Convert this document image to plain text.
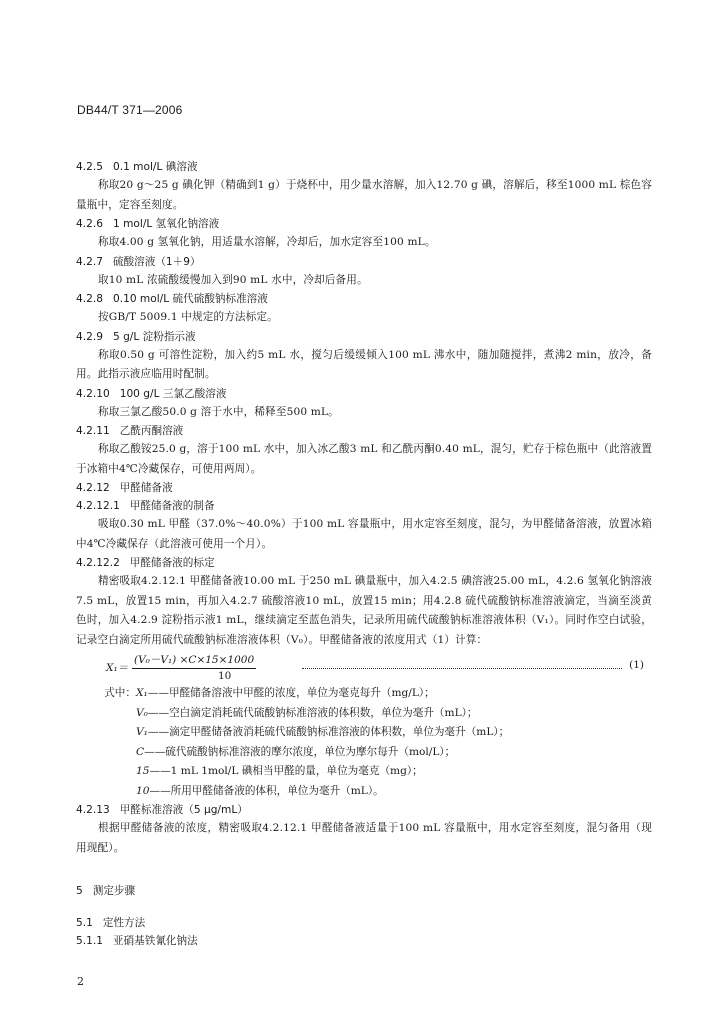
DB44/T 371—2006
4.2.5 0.1 mol/L 碘溶液
称取20 g～25 g 碘化钾（精确到1 g）于烧杯中，用少量水溶解，加入12.70 g 碘，溶解后，移至1000 mL 棕色容量瓶中，定容至刻度。
4.2.6 1 mol/L 氢氧化钠溶液
称取4.00 g 氢氧化钠，用适量水溶解，冷却后，加水定容至100 mL。
4.2.7 硫酸溶液（1＋9）
取10 mL 浓硫酸缓慢加入到90 mL 水中，冷却后备用。
4.2.8 0.10 mol/L 硫代硫酸钠标准溶液
按GB/T 5009.1 中规定的方法标定。
4.2.9 5 g/L 淀粉指示液
称取0.50 g 可溶性淀粉，加入约5 mL 水，搅匀后缓缓倾入100 mL 沸水中，随加随搅拌，煮沸2 min，放冷，备用。此指示液应临用时配制。
4.2.10 100 g/L 三氯乙酸溶液
称取三氯乙酸50.0 g 溶于水中，稀释至500 mL。
4.2.11 乙酰丙酮溶液
称取乙酸铵25.0 g，溶于100 mL 水中，加入冰乙酸3 mL 和乙酰丙酮0.40 mL，混匀，贮存于棕色瓶中（此溶液置于冰箱中4℃冷藏保存，可使用两周）。
4.2.12 甲醛储备液
4.2.12.1 甲醛储备液的制备
吸取0.30 mL 甲醛（37.0%～40.0%）于100 mL 容量瓶中，用水定容至刻度，混匀，为甲醛储备溶液，放置冰箱中4℃冷藏保存（此溶液可使用一个月）。
4.2.12.2 甲醛储备液的标定
精密吸取4.2.12.1 甲醛储备液10.00 mL 于250 mL 碘量瓶中，加入4.2.5 碘溶液25.00 mL，4.2.6 氢氧化钠溶液7.5 mL，放置15 min，再加入4.2.7 硫酸溶液10 mL，放置15 min；用4.2.8 硫代硫酸钠标准溶液滴定，当滴至淡黄色时，加入4.2.9 淀粉指示液1 mL，继续滴定至蓝色消失，记录所用硫代硫酸钠标准溶液体积（V₁）。同时作空白试验，记录空白滴定所用硫代硫酸钠标准溶液体积（V₀）。甲醛储备液的浓度用式（1）计算：
X₁＝
(V₀－V₁) ×C×15×1000
10
(1)
式中：X₁——甲醛储备溶液中甲醛的浓度，单位为毫克每升（mg/L）；
V₀——空白滴定消耗硫代硫酸钠标准溶液的体积数，单位为毫升（mL）；
V₁——滴定甲醛储备液消耗硫代硫酸钠标准溶液的体积数，单位为毫升（mL）；
C——硫代硫酸钠标准溶液的摩尔浓度，单位为摩尔每升（mol/L）；
15——1 mL 1mol/L 碘相当甲醛的量，单位为毫克（mg）；
10——所用甲醛储备液的体积，单位为毫升（mL）。
4.2.13 甲醛标准溶液（5 μg/mL）
根据甲醛储备液的浓度，精密吸取4.2.12.1 甲醛储备液适量于100 mL 容量瓶中，用水定容至刻度，混匀备用（现用现配）。
5 测定步骤
5.1 定性方法
5.1.1 亚硝基铁氰化钠法
2
